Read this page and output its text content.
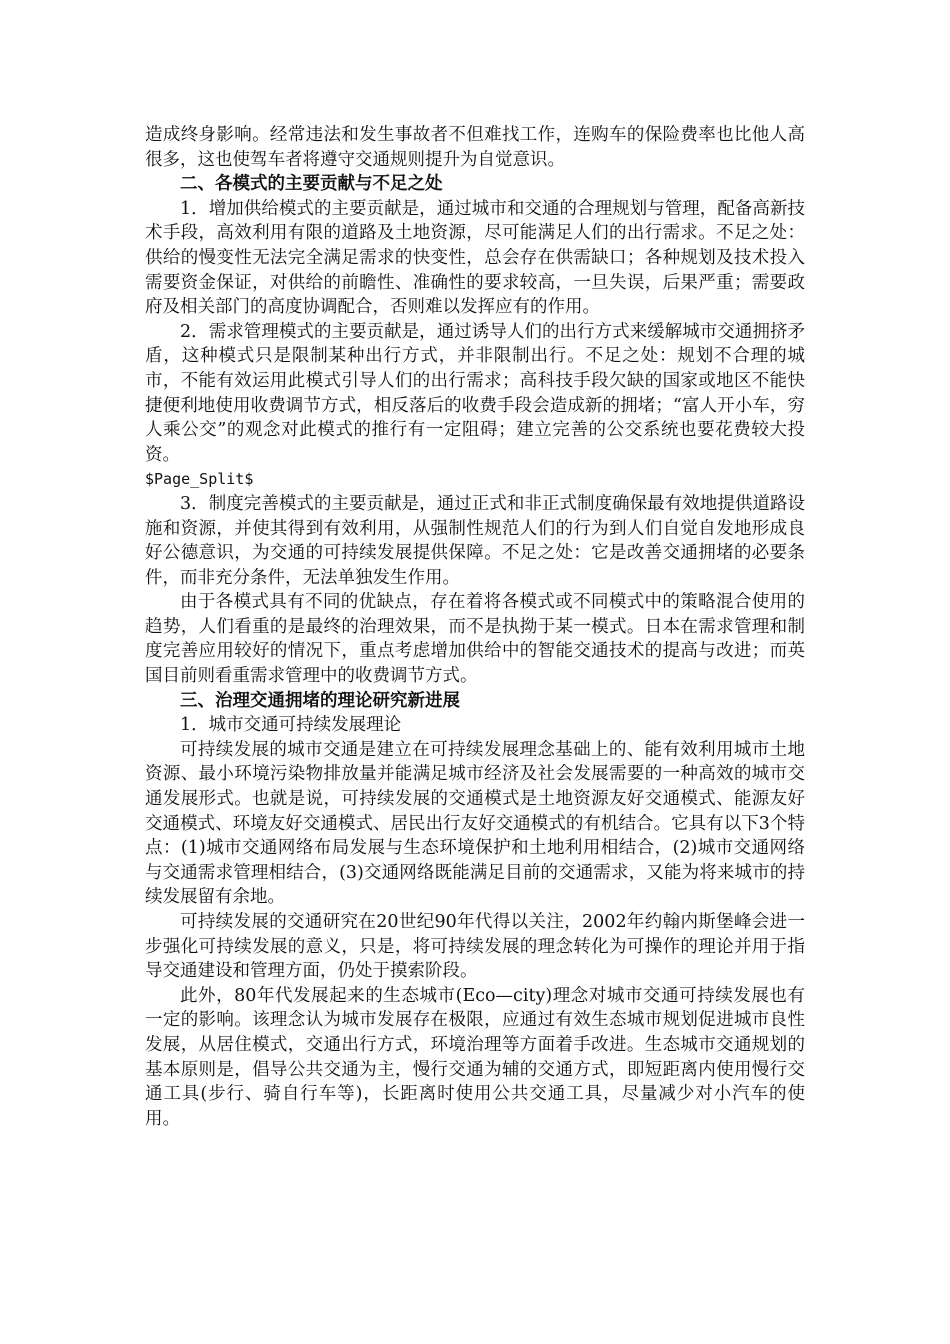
造成终身影响。经常违法和发生事故者不但难找工作，连购车的保险费率也比他人高很多，这也使驾车者将遵守交通规则提升为自觉意识。

二、各模式的主要贡献与不足之处

1．增加供给模式的主要贡献是，通过城市和交通的合理规划与管理，配备高新技术手段，高效利用有限的道路及土地资源，尽可能满足人们的出行需求。不足之处：供给的慢变性无法完全满足需求的快变性，总会存在供需缺口；各种规划及技术投入需要资金保证，对供给的前瞻性、准确性的要求较高，一旦失误，后果严重；需要政府及相关部门的高度协调配合，否则难以发挥应有的作用。

2．需求管理模式的主要贡献是，通过诱导人们的出行方式来缓解城市交通拥挤矛盾，这种模式只是限制某种出行方式，并非限制出行。不足之处：规划不合理的城市，不能有效运用此模式引导人们的出行需求；高科技手段欠缺的国家或地区不能快捷便利地使用收费调节方式，相反落后的收费手段会造成新的拥堵；“富人开小车，穷人乘公交”的观念对此模式的推行有一定阻碍；建立完善的公交系统也要花费较大投资。

$Page_Split$

3．制度完善模式的主要贡献是，通过正式和非正式制度确保最有效地提供道路设施和资源，并使其得到有效利用，从强制性规范人们的行为到人们自觉自发地形成良好公德意识，为交通的可持续发展提供保障。不足之处：它是改善交通拥堵的必要条件，而非充分条件，无法单独发生作用。

由于各模式具有不同的优缺点，存在着将各模式或不同模式中的策略混合使用的趋势，人们看重的是最终的治理效果，而不是执拗于某一模式。日本在需求管理和制度完善应用较好的情况下，重点考虑增加供给中的智能交通技术的提高与改进；而英国目前则看重需求管理中的收费调节方式。

三、治理交通拥堵的理论研究新进展

1．城市交通可持续发展理论

可持续发展的城市交通是建立在可持续发展理念基础上的、能有效利用城市土地资源、最小环境污染物排放量并能满足城市经济及社会发展需要的一种高效的城市交通发展形式。也就是说，可持续发展的交通模式是土地资源友好交通模式、能源友好交通模式、环境友好交通模式、居民出行友好交通模式的有机结合。它具有以下3个特点：(1)城市交通网络布局发展与生态环境保护和土地利用相结合，(2)城市交通网络与交通需求管理相结合，(3)交通网络既能满足目前的交通需求，又能为将来城市的持续发展留有余地。

可持续发展的交通研究在20世纪90年代得以关注，2002年约翰内斯堡峰会进一步强化可持续发展的意义，只是，将可持续发展的理念转化为可操作的理论并用于指导交通建设和管理方面，仍处于摸索阶段。

此外，80年代发展起来的生态城市(Eco—city)理念对城市交通可持续发展也有一定的影响。该理念认为城市发展存在极限，应通过有效生态城市规划促进城市良性发展，从居住模式，交通出行方式，环境治理等方面着手改进。生态城市交通规划的基本原则是，倡导公共交通为主，慢行交通为辅的交通方式，即短距离内使用慢行交通工具(步行、骑自行车等)，长距离时使用公共交通工具，尽量减少对小汽车的使用。
